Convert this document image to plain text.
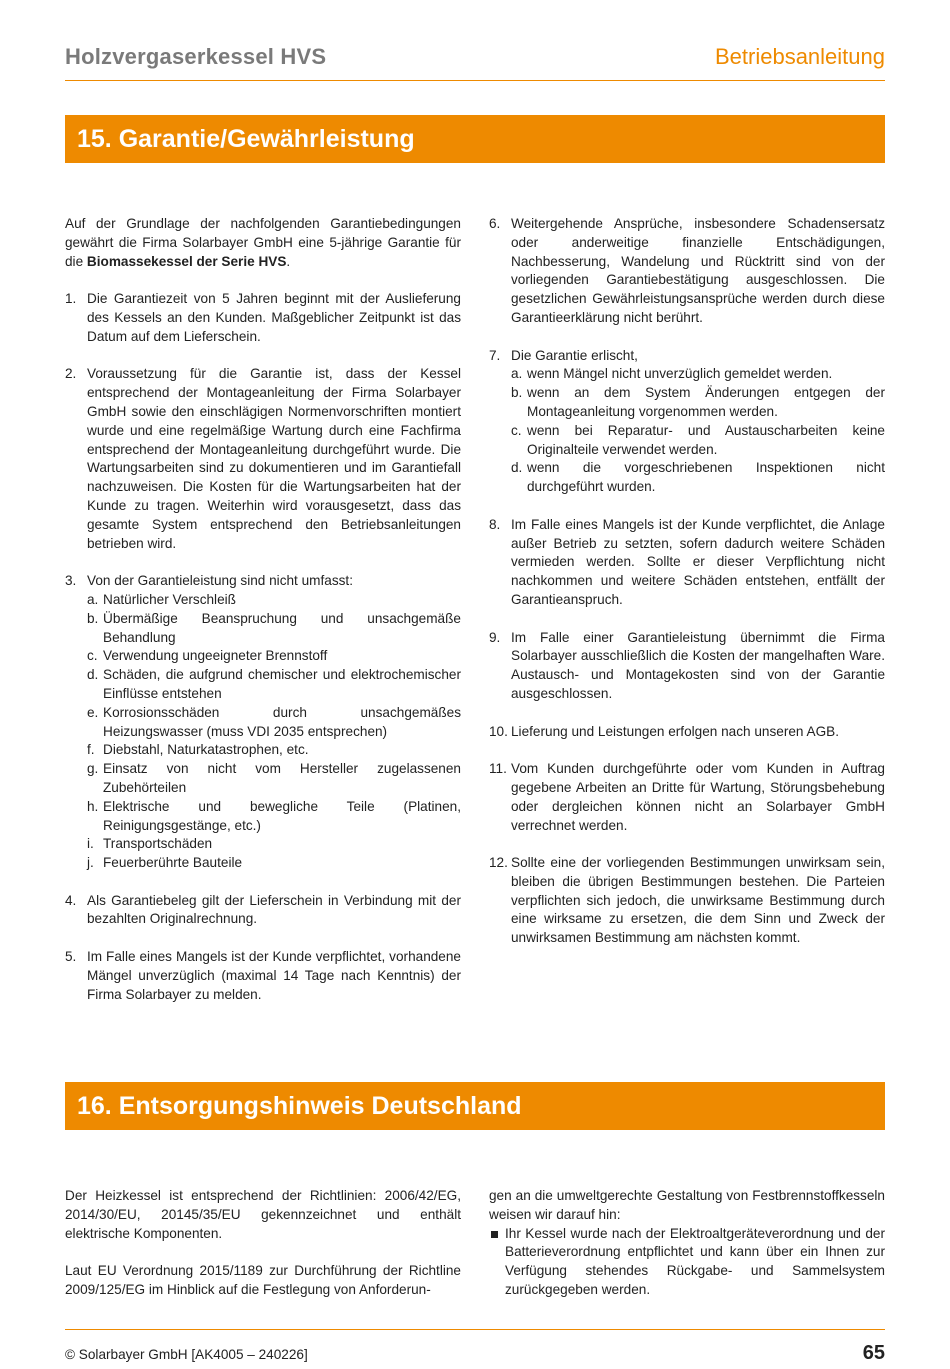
Holzvergaserkessel HVS	Betriebsanleitung
15. Garantie/Gewährleistung

Auf der Grundlage der nachfolgenden Garantiebedingungen gewährt die Firma Solarbayer GmbH eine 5-jährige Garantie für die Biomassekessel der Serie HVS.

1. Die Garantiezeit von 5 Jahren beginnt mit der Auslieferung des Kessels an den Kunden. Maßgeblicher Zeitpunkt ist das Datum auf dem Lieferschein.
2. Voraussetzung für die Garantie ist, dass der Kessel entsprechend der Montageanleitung der Firma Solarbayer GmbH sowie den einschlägigen Normenvorschriften montiert wurde und eine regelmäßige Wartung durch eine Fachfirma entsprechend der Montageanleitung durchgeführt wurde. Die Wartungsarbeiten sind zu dokumentieren und im Garantiefall nachzuweisen. Die Kosten für die Wartungsarbeiten hat der Kunde zu tragen. Weiterhin wird vorausgesetzt, dass das gesamte System entsprechend den Betriebsanleitungen betrieben wird.
3. Von der Garantieleistung sind nicht umfasst:
a. Natürlicher Verschleiß
b. Übermäßige Beanspruchung und unsachgemäße Behandlung
c. Verwendung ungeeigneter Brennstoff
d. Schäden, die aufgrund chemischer und elektrochemischer Einflüsse entstehen
e. Korrosionsschäden durch unsachgemäßes Heizungswasser (muss VDI 2035 entsprechen)
f. Diebstahl, Naturkatastrophen, etc.
g. Einsatz von nicht vom Hersteller zugelassenen Zubehörteilen
h. Elektrische und bewegliche Teile (Platinen, Reinigungsgestänge, etc.)
i. Transportschäden
j. Feuerberührte Bauteile
4. Als Garantiebeleg gilt der Lieferschein in Verbindung mit der bezahlten Originalrechnung.
5. Im Falle eines Mangels ist der Kunde verpflichtet, vorhandene Mängel unverzüglich (maximal 14 Tage nach Kenntnis) der Firma Solarbayer zu melden.
6. Weitergehende Ansprüche, insbesondere Schadensersatz oder anderweitige finanzielle Entschädigungen, Nachbesserung, Wandelung und Rücktritt sind von der vorliegenden Garantiebestätigung ausgeschlossen. Die gesetzlichen Gewährleistungsansprüche werden durch diese Garantieerklärung nicht berührt.
7. Die Garantie erlischt,
a. wenn Mängel nicht unverzüglich gemeldet werden.
b. wenn an dem System Änderungen entgegen der Montageanleitung vorgenommen werden.
c. wenn bei Reparatur- und Austauscharbeiten keine Originalteile verwendet werden.
d. wenn die vorgeschriebenen Inspektionen nicht durchgeführt wurden.
8. Im Falle eines Mangels ist der Kunde verpflichtet, die Anlage außer Betrieb zu setzten, sofern dadurch weitere Schäden vermieden werden. Sollte er dieser Verpflichtung nicht nachkommen und weitere Schäden entstehen, entfällt der Garantieanspruch.
9. Im Falle einer Garantieleistung übernimmt die Firma Solarbayer ausschließlich die Kosten der mangelhaften Ware. Austausch- und Montagekosten sind von der Garantie ausgeschlossen.
10. Lieferung und Leistungen erfolgen nach unseren AGB.
11. Vom Kunden durchgeführte oder vom Kunden in Auftrag gegebene Arbeiten an Dritte für Wartung, Störungsbehebung oder dergleichen können nicht an Solarbayer GmbH verrechnet werden.
12. Sollte eine der vorliegenden Bestimmungen unwirksam sein, bleiben die übrigen Bestimmungen bestehen. Die Parteien verpflichten sich jedoch, die unwirksame Bestimmung durch eine wirksame zu ersetzen, die dem Sinn und Zweck der unwirksamen Bestimmung am nächsten kommt.
16. Entsorgungshinweis Deutschland

Der Heizkessel ist entsprechend der Richtlinien: 2006/42/EG, 2014/30/EU, 20145/35/EU gekennzeichnet und enthält elektrische Komponenten.

Laut EU Verordnung 2015/1189 zur Durchführung der Richtline 2009/125/EG im Hinblick auf die Festlegung von Anforderun-

gen an die umweltgerechte Gestaltung von Festbrennstoffkesseln weisen wir darauf hin:

Ihr Kessel wurde nach der Elektroaltgeräteverordnung und der Batterieverordnung entpflichtet und kann über ein Ihnen zur Verfügung stehendes Rückgabe- und Sammelsystem zurückgegeben werden.
© Solarbayer GmbH [AK4005 – 240226]	65
